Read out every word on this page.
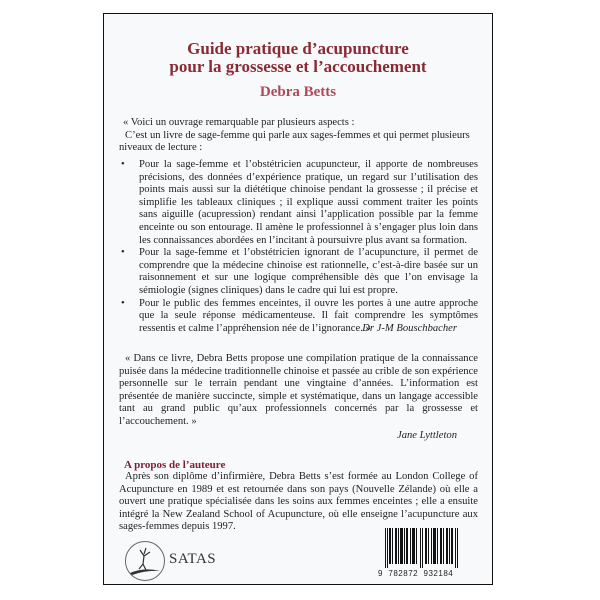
Guide pratique d’acupuncture
pour la grossesse et l’accouchement
Debra Betts
« Voici un ouvrage remarquable par plusieurs aspects :
C’est un livre de sage-femme qui parle aux sages-femmes et qui permet plusieurs niveaux de lecture :
• Pour la sage-femme et l’obstétricien acupuncteur, il apporte de nombreuses précisions, des données d’expérience pratique, un regard sur l’utilisation des points mais aussi sur la diététique chinoise pendant la grossesse ; il précise et simplifie les tableaux cliniques ; il explique aussi comment traiter les points sans aiguille (acupression) rendant ainsi l’application possible par la femme enceinte ou son entourage. Il amène le professionnel à s’engager plus loin dans les connaissances abordées en l’incitant à poursuivre plus avant sa formation.
• Pour la sage-femme et l’obstétricien ignorant de l’acupuncture, il permet de comprendre que la médecine chinoise est rationnelle, c’est-à-dire basée sur un raisonnement et sur une logique compréhensible dès que l’on envisage la sémiologie (signes cliniques) dans le cadre qui lui est propre.
• Pour le public des femmes enceintes, il ouvre les portes à une autre approche que la seule réponse médicamenteuse. Il fait comprendre les symptômes ressentis et calme l’appréhension née de l’ignorance. »
Dr J-M Bouschbacher
« Dans ce livre, Debra Betts propose une compilation pratique de la connaissance puisée dans la médecine traditionnelle chinoise et passée au crible de son expérience personnelle sur le terrain pendant une vingtaine d’années. L’information est présentée de manière succincte, simple et systématique, dans un langage accessible tant au grand public qu’aux professionnels concernés par la grossesse et l’accouchement. »
Jane Lyttleton
A propos de l’auteure
Après son diplôme d’infirmière, Debra Betts s’est formée au London College of Acupuncture en 1989 et est retournée dans son pays (Nouvelle Zélande) où elle a ouvert une pratique spécialisée dans les soins aux femmes enceintes ; elle a ensuite intégré la New Zealand School of Acupuncture, où elle enseigne l’acupuncture aux sages-femmes depuis 1997.
SATAS
9  782872  932184
